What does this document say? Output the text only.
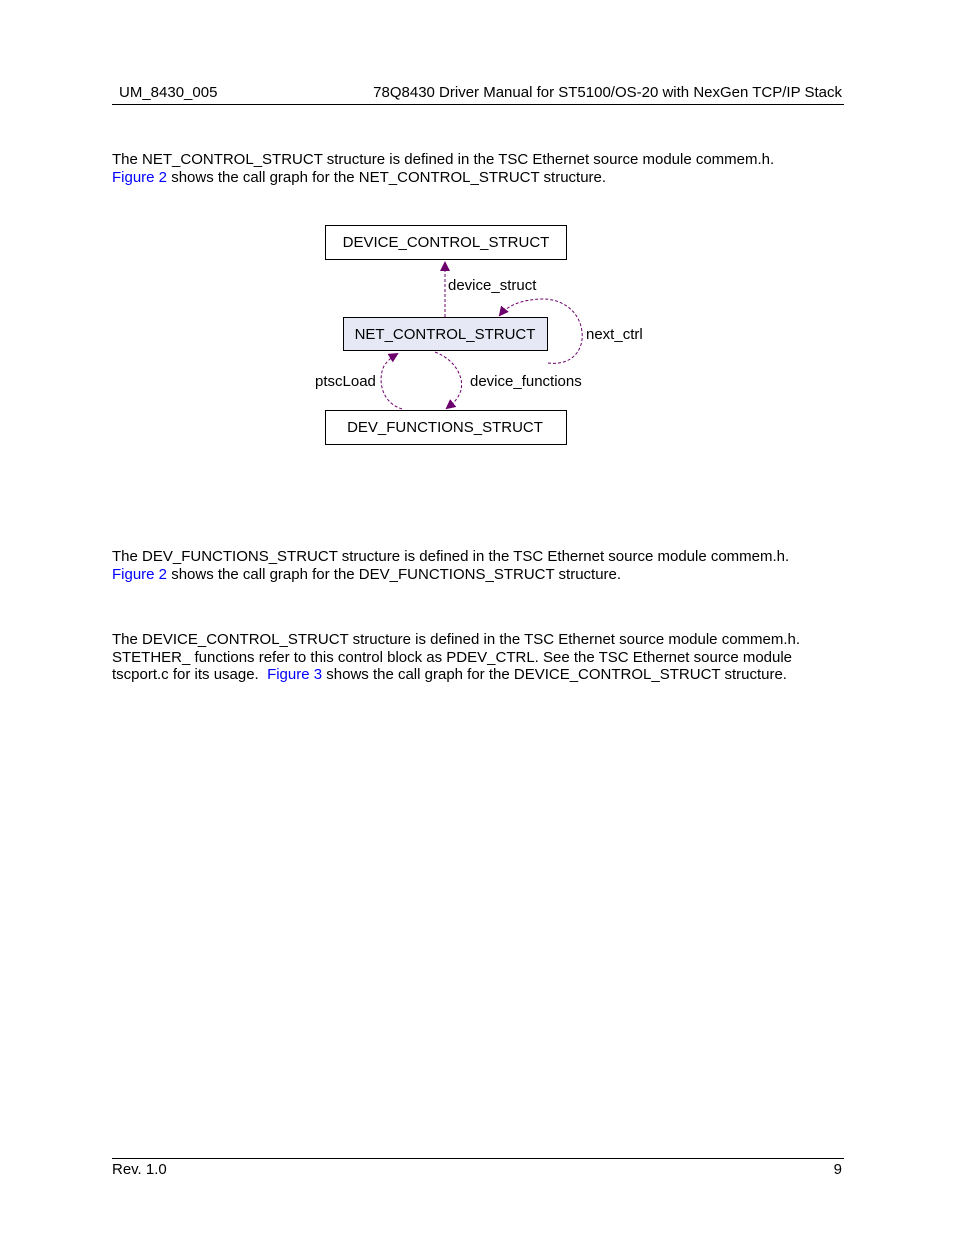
UM_8430_005	78Q8430 Driver Manual for ST5100/OS-20 with NexGen TCP/IP Stack
The NET_CONTROL_STRUCT structure is defined in the TSC Ethernet source module commem.h.
Figure 2 shows the call graph for the NET_CONTROL_STRUCT structure.
DEVICE_CONTROL_STRUCT
NET_CONTROL_STRUCT
DEV_FUNCTIONS_STRUCT
device_struct
next_ctrl
ptscLoad	device_functions
The DEV_FUNCTIONS_STRUCT structure is defined in the TSC Ethernet source module commem.h.
Figure 2 shows the call graph for the DEV_FUNCTIONS_STRUCT structure.
The DEVICE_CONTROL_STRUCT structure is defined in the TSC Ethernet source module commem.h.
STETHER_ functions refer to this control block as PDEV_CTRL. See the TSC Ethernet source module
tscport.c for its usage.  Figure 3 shows the call graph for the DEVICE_CONTROL_STRUCT structure.
Rev. 1.0	9
